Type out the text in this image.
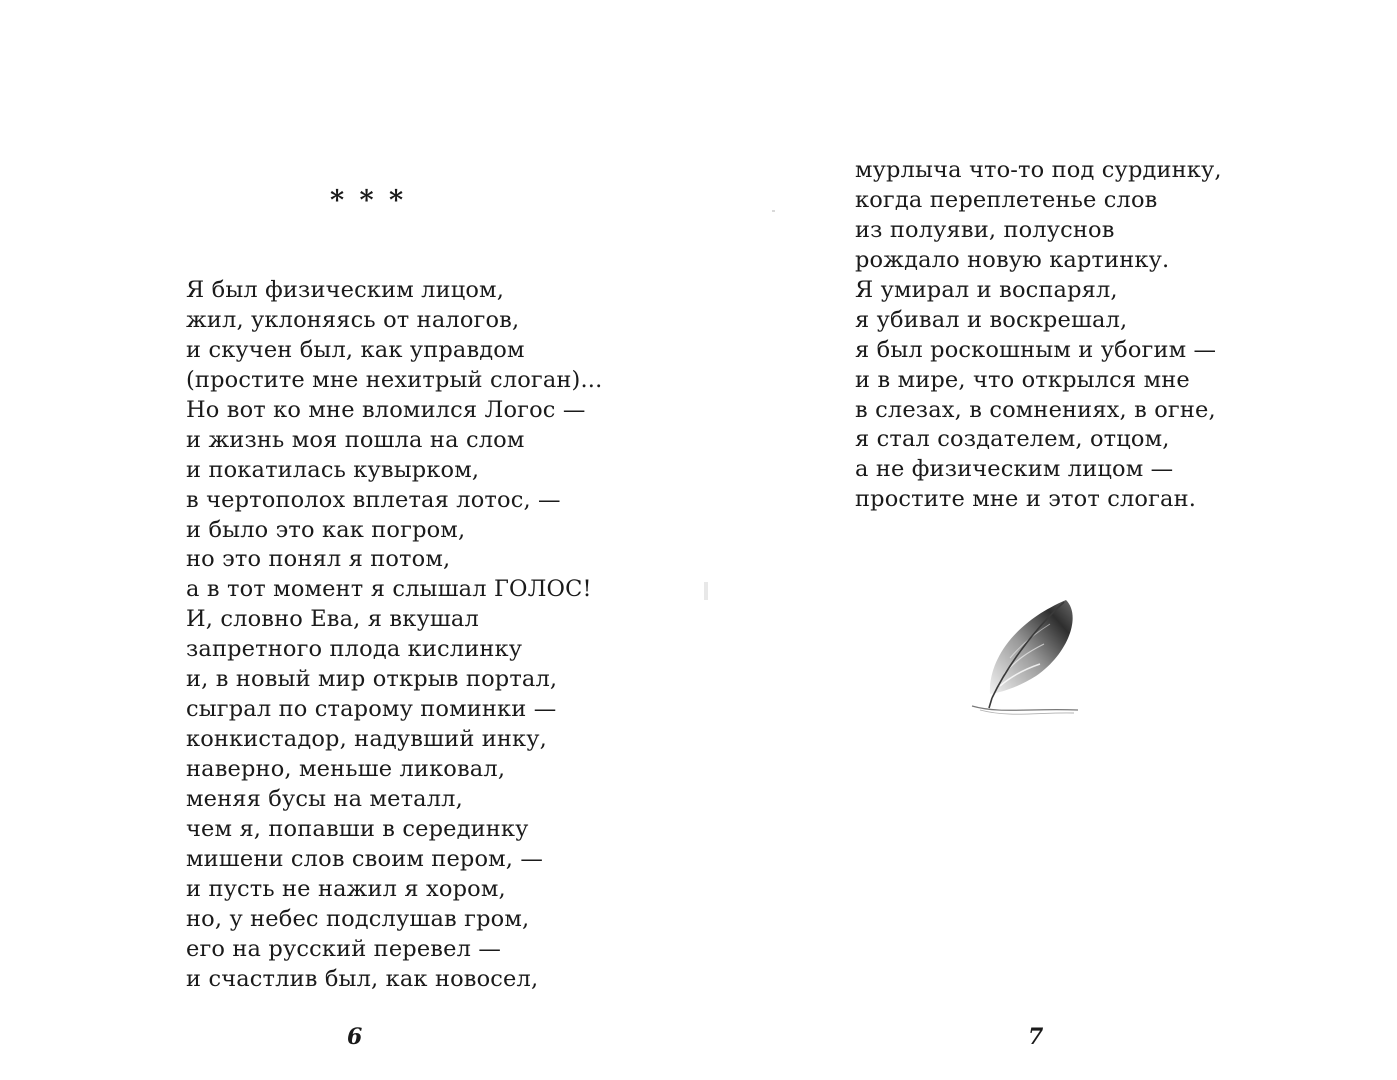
* * *
Я был физическим лицом,
жил, уклоняясь от налогов,
и скучен был, как управдом
(простите мне нехитрый слоган)...
Но вот ко мне вломился Логос —
и жизнь моя пошла на слом
и покатилась кувырком,
в чертополох вплетая лотос, —
и было это как погром,
но это понял я потом,
а в тот момент я слышал ГОЛОС!
И, словно Ева, я вкушал
запретного плода кислинку
и, в новый мир открыв портал,
сыграл по старому поминки —
конкистадор, надувший инку,
наверно, меньше ликовал,
меняя бусы на металл,
чем я, попавши в серединку
мишени слов своим пером, —
и пусть не нажил я хором,
но, у небес подслушав гром,
его на русский перевел —
и счастлив был, как новосел,
6
мурлыча что-то под сурдинку,
когда переплетенье слов
из полуяви, полуснов
рождало новую картинку.
Я умирал и воспарял,
я убивал и воскрешал,
я был роскошным и убогим —
и в мире, что открылся мне
в слезах, в сомнениях, в огне,
я стал создателем, отцом,
а не физическим лицом —
простите мне и этот слоган.
7
